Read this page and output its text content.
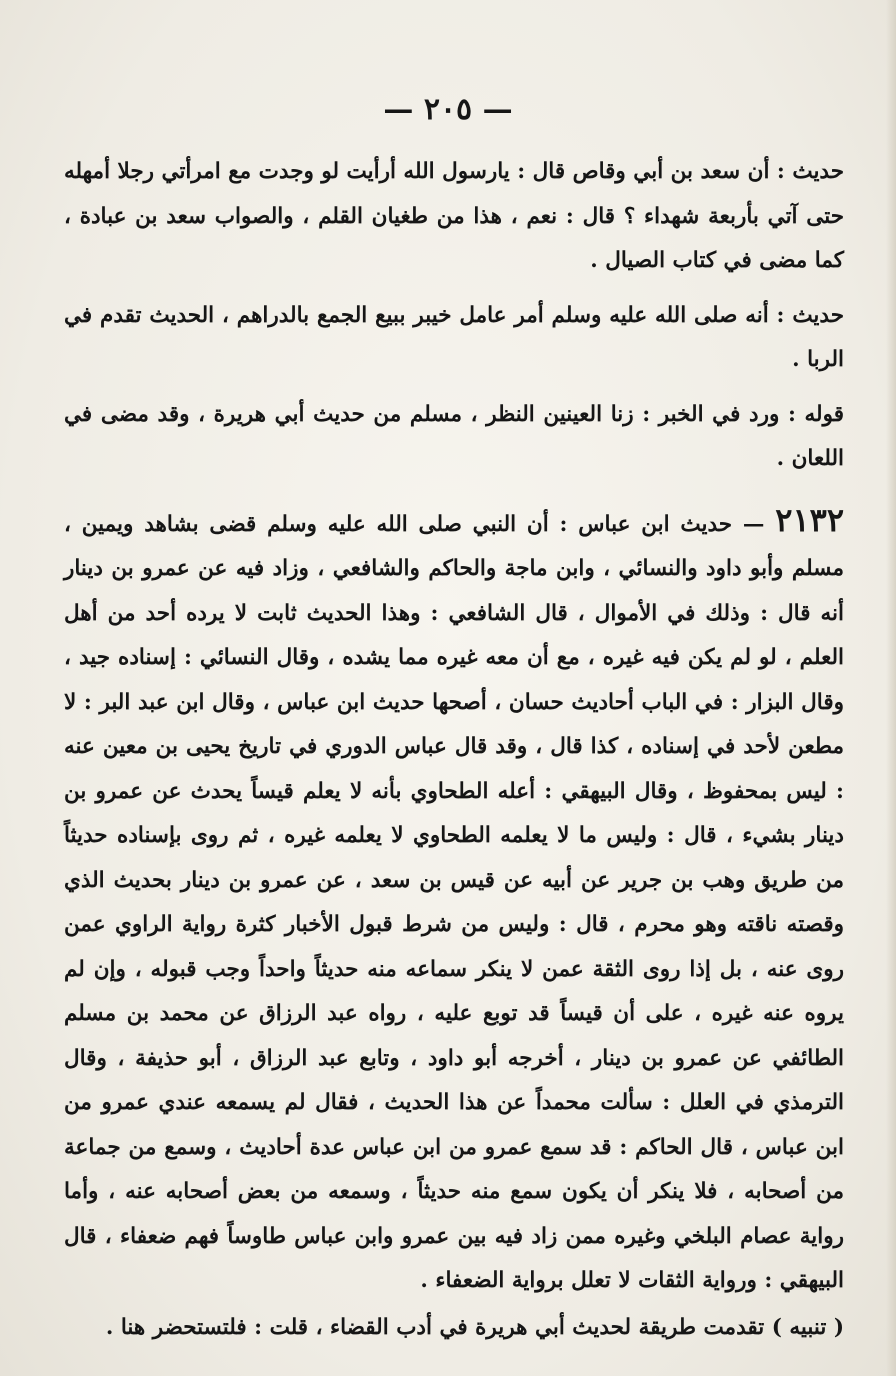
— ٢٠٥ —

حديث : أن سعد بن أبي وقاص قال : يارسول الله أرأيت لو وجدت مع امرأتي رجلا أمهله حتى آتي بأربعة شهداء ؟ قال : نعم ، هذا من طغيان القلم ، والصواب سعد بن عبادة ، كما مضى في كتاب الصيال .

حديث : أنه صلى الله عليه وسلم أمر عامل خيبر ببيع الجمع بالدراهم ، الحديث تقدم في الربا .

قوله : ورد في الخبر : زنا العينين النظر ، مسلم من حديث أبي هريرة ، وقد مضى في اللعان .

٢١٣٢ — حديث ابن عباس : أن النبي صلى الله عليه وسلم قضى بشاهد ويمين ، مسلم وأبو داود والنسائي ، وابن ماجة والحاكم والشافعي ، وزاد فيه عن عمرو بن دينار أنه قال : وذلك في الأموال ، قال الشافعي : وهذا الحديث ثابت لا يرده أحد من أهل العلم ، لو لم يكن فيه غيره ، مع أن معه غيره مما يشده ، وقال النسائي : إسناده جيد ، وقال البزار : في الباب أحاديث حسان ، أصحها حديث ابن عباس ، وقال ابن عبد البر : لا مطعن لأحد في إسناده ، كذا قال ، وقد قال عباس الدوري في تاريخ يحيى بن معين عنه : ليس بمحفوظ ، وقال البيهقي : أعله الطحاوي بأنه لا يعلم قيساً يحدث عن عمرو بن دينار بشيء ، قال : وليس ما لا يعلمه الطحاوي لا يعلمه غيره ، ثم روى بإسناده حديثاً من طريق وهب بن جرير عن أبيه عن قيس بن سعد ، عن عمرو بن دينار بحديث الذي وقصته ناقته وهو محرم ، قال : وليس من شرط قبول الأخبار كثرة رواية الراوي عمن روى عنه ، بل إذا روى الثقة عمن لا ينكر سماعه منه حديثاً واحداً وجب قبوله ، وإن لم يروه عنه غيره ، على أن قيساً قد توبع عليه ، رواه عبد الرزاق عن محمد بن مسلم الطائفي عن عمرو بن دينار ، أخرجه أبو داود ، وتابع عبد الرزاق ، أبو حذيفة ، وقال الترمذي في العلل : سألت محمداً عن هذا الحديث ، فقال لم يسمعه عندي عمرو من ابن عباس ، قال الحاكم : قد سمع عمرو من ابن عباس عدة أحاديث ، وسمع من جماعة من أصحابه ، فلا ينكر أن يكون سمع منه حديثاً ، وسمعه من بعض أصحابه عنه ، وأما رواية عصام البلخي وغيره ممن زاد فيه بين عمرو وابن عباس طاوساً فهم ضعفاء ، قال البيهقي : ورواية الثقات لا تعلل برواية الضعفاء .

( تنبيه ) تقدمت طريقة لحديث أبي هريرة في أدب القضاء ، قلت : فلتستحضر هنا .
